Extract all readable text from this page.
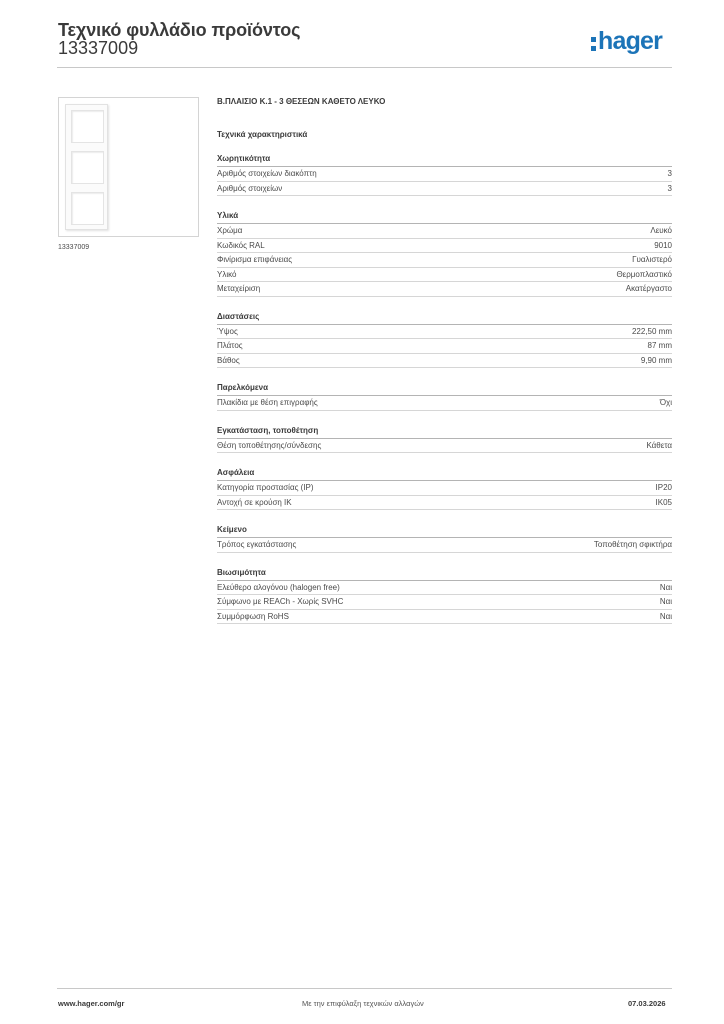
Τεχνικό φυλλάδιο προϊόντος
13337009	hager
13337009
Β.ΠΛΑΙΣΙΟ Κ.1 - 3 ΘΕΣΕΩΝ ΚΑΘΕΤΟ ΛΕΥΚΟ
Τεχνικά χαρακτηριστικά
Χωρητικότητα
Αριθμός στοιχείων διακόπτη	3
Αριθμός στοιχείων	3
Υλικά
Χρώμα	Λευκό
Κωδικός RAL	9010
Φινίρισμα επιφάνειας	Γυαλιστερό
Υλικό	Θερμοπλαστικό
Μεταχείριση	Ακατέργαστο
Διαστάσεις
Ύψος	222,50 mm
Πλάτος	87 mm
Βάθος	9,90 mm
Παρελκόμενα
Πλακίδια με θέση επιγραφής	Όχι
Εγκατάσταση, τοποθέτηση
Θέση τοποθέτησης/σύνδεσης	Κάθετα
Ασφάλεια
Κατηγορία προστασίας (IP)	IP20
Αντοχή σε κρούση IK	IK05
Κείμενο
Τρόπος εγκατάστασης	Τοποθέτηση σφικτήρα
Βιωσιμότητα
Ελεύθερο αλογόνου (halogen free)	Ναι
Σύμφωνο με REACh - Χωρίς SVHC	Ναι
Συμμόρφωση RoHS	Ναι
www.hager.com/gr	Με την επιφύλαξη τεχνικών αλλαγών	07.03.2026
